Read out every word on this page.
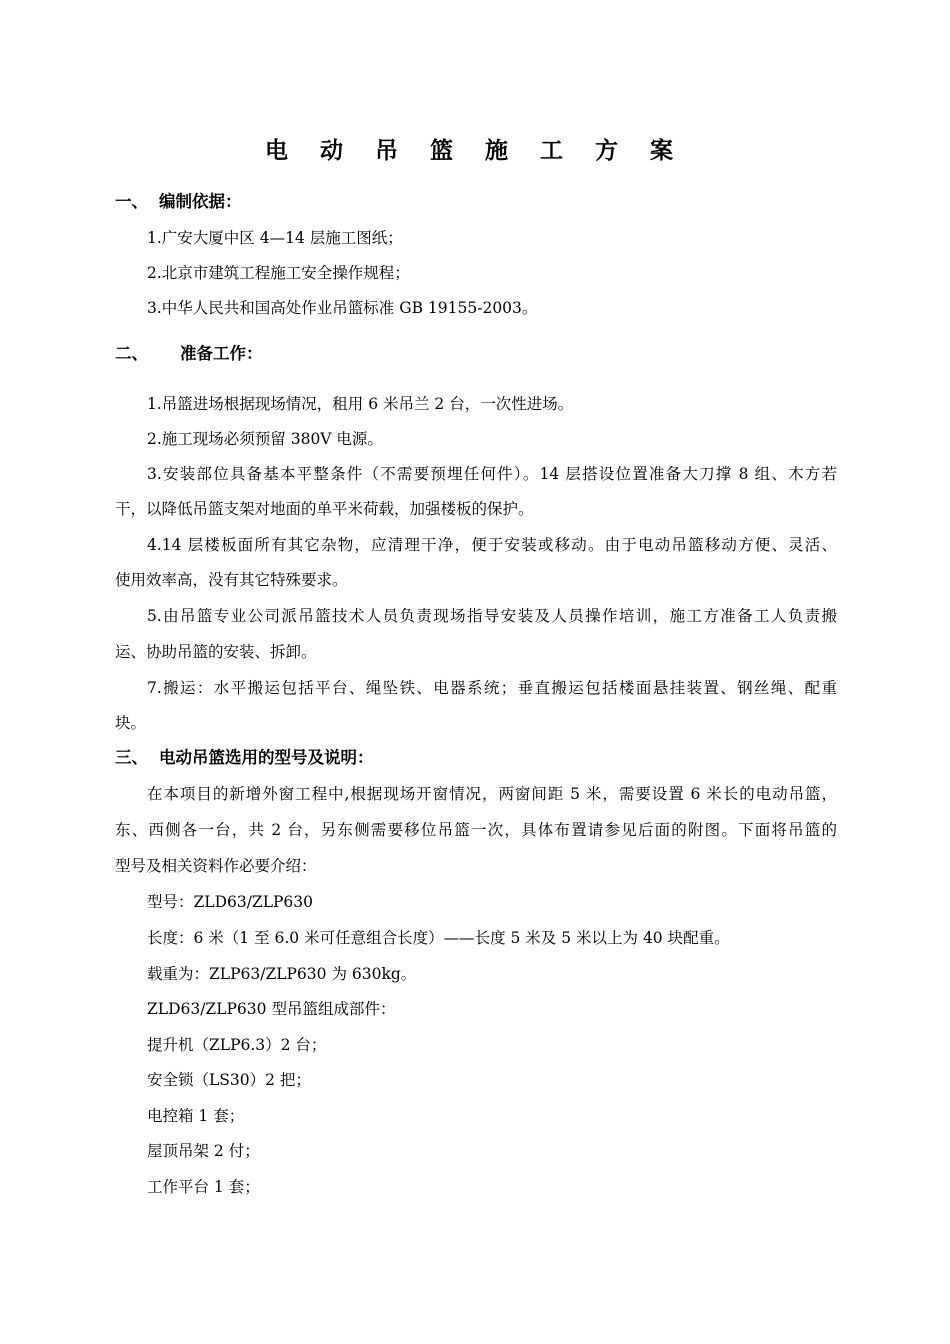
电 动 吊 篮 施 工 方 案
一、 编制依据：
1.广安大厦中区 4—14 层施工图纸；
2.北京市建筑工程施工安全操作规程；
3.中华人民共和国高处作业吊篮标准 GB 19155-2003。
二、 准备工作：
1.吊篮进场根据现场情况，租用 6 米吊兰 2 台，一次性进场。
2.施工现场必须预留 380V 电源。
3.安装部位具备基本平整条件（不需要预埋任何件）。14 层搭设位置准备大刀撑 8 组、木方若
干，以降低吊篮支架对地面的单平米荷载，加强楼板的保护。
4.14 层楼板面所有其它杂物，应清理干净，便于安装或移动。由于电动吊篮移动方便、灵活、
使用效率高，没有其它特殊要求。
5.由吊篮专业公司派吊篮技术人员负责现场指导安装及人员操作培训，施工方准备工人负责搬
运、协助吊篮的安装、拆卸。
7.搬运：水平搬运包括平台、绳坠铁、电器系统；垂直搬运包括楼面悬挂装置、钢丝绳、配重
块。
三、 电动吊篮选用的型号及说明：
在本项目的新增外窗工程中,根据现场开窗情况，两窗间距 5 米，需要设置 6 米长的电动吊篮，
东、西侧各一台，共 2 台，另东侧需要移位吊篮一次，具体布置请参见后面的附图。下面将吊篮的
型号及相关资料作必要介绍：
型号：ZLD63/ZLP630
长度：6 米（1 至 6.0 米可任意组合长度）——长度 5 米及 5 米以上为 40 块配重。
载重为：ZLP63/ZLP630 为 630kg。
ZLD63/ZLP630 型吊篮组成部件：
提升机（ZLP6.3）2 台；
安全锁（LS30）2 把；
电控箱 1 套；
屋顶吊架 2 付；
工作平台 1 套；
